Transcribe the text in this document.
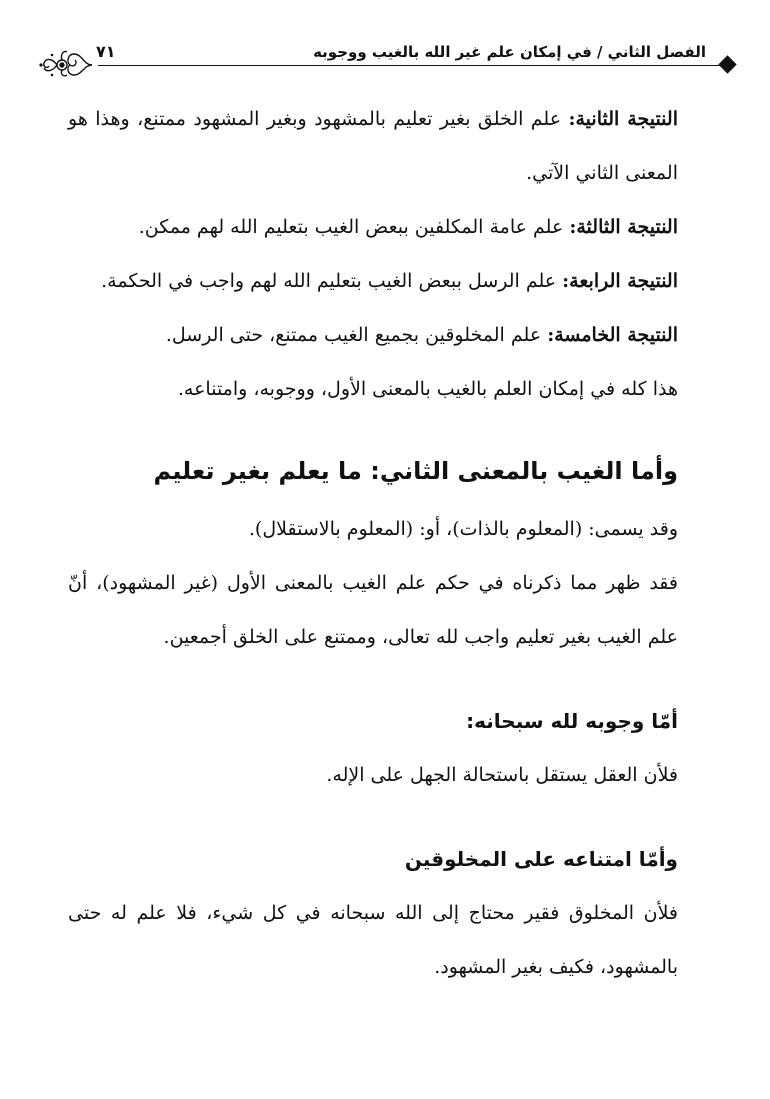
الفصل الثاني / في إمكان علم غير الله بالغيب ووجوبه
٧١

النتيجة الثانية: علم الخلق بغير تعليم بالمشهود وبغير المشهود ممتنع، وهذا هو المعنى الثاني الآتي.

النتيجة الثالثة: علم عامة المكلفين ببعض الغيب بتعليم الله لهم ممكن.

النتيجة الرابعة: علم الرسل ببعض الغيب بتعليم الله لهم واجب في الحكمة.

النتيجة الخامسة: علم المخلوقين بجميع الغيب ممتنع، حتى الرسل.

هذا كله في إمكان العلم بالغيب بالمعنى الأول، ووجوبه، وامتناعه.

وأما الغيب بالمعنى الثاني: ما يعلم بغير تعليم

وقد يسمى: (المعلوم بالذات)، أو: (المعلوم بالاستقلال).

فقد ظهر مما ذكرناه في حكم علم الغيب بالمعنى الأول (غير المشهود)، أنّ علم الغيب بغير تعليم واجب لله تعالى، وممتنع على الخلق أجمعين.

أمّا وجوبه لله سبحانه:

فلأن العقل يستقل باستحالة الجهل على الإله.

وأمّا امتناعه على المخلوقين

فلأن المخلوق فقير محتاج إلى الله سبحانه في كل شيء، فلا علم له حتى بالمشهود، فكيف بغير المشهود.
